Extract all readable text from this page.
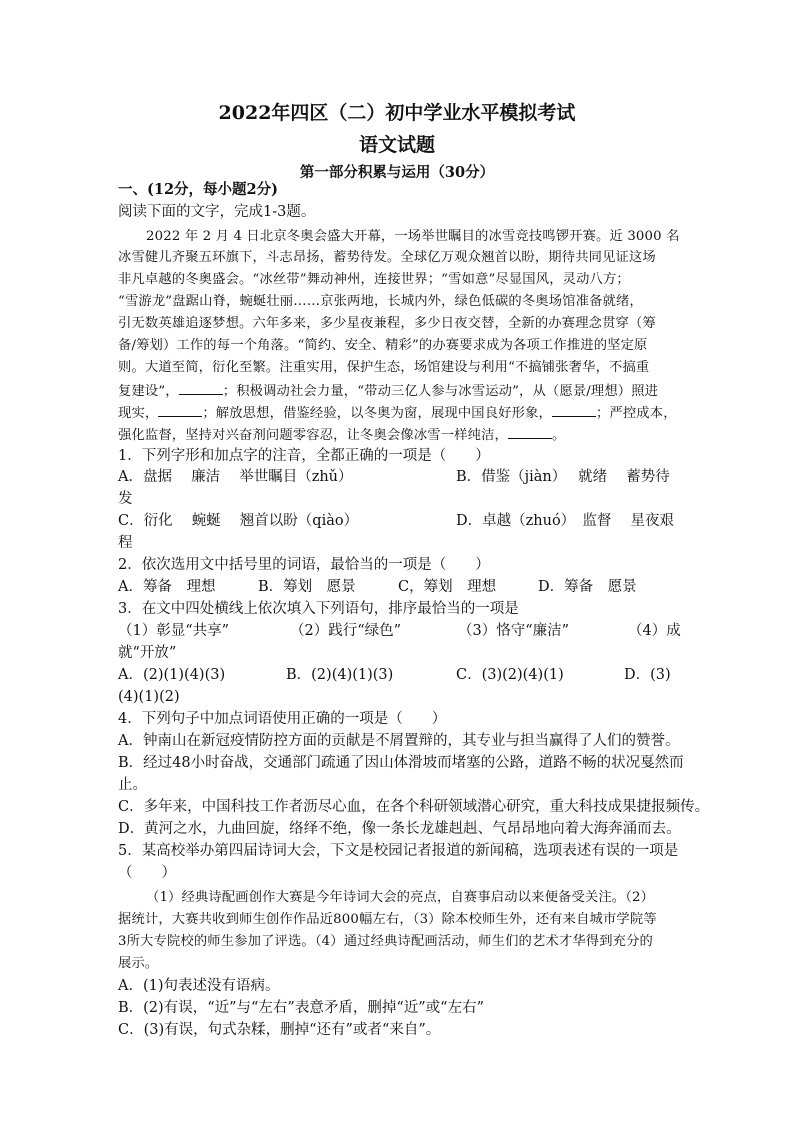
2022年四区（二）初中学业水平模拟考试
语文试题
第一部分积累与运用（30分）
一、(12分，每小题2分)
阅读下面的文字，完成1-3题。
2022 年 2 月 4 日北京冬奥会盛大开幕，一场举世瞩目的冰雪竞技鸣锣开赛。近 3000 名
冰雪健儿齐聚五环旗下，斗志昂扬，蓄势待发。全球亿万观众翘首以盼，期待共同见证这场
非凡卓越的冬奥盛会。“冰丝带”舞动神州，连接世界；“雪如意”尽显国风，灵动八方；
“雪游龙”盘踞山脊，蜿蜒壮丽……京张两地，长城内外，绿色低碳的冬奥场馆准备就绪，
引无数英雄追逐梦想。六年多来，多少星夜兼程，多少日夜交替，全新的办赛理念贯穿（筹
备/筹划）工作的每一个角落。“简约、安全、精彩”的办赛要求成为各项工作推进的坚定原
则。大道至简，衍化至繁。注重实用，保护生态，场馆建设与利用“不搞铺张奢华，不搞重
复建设”，	；积极调动社会力量，“带动三亿人参与冰雪运动”，从（愿景/理想）照进
现实，	；解放思想，借鉴经验，以冬奥为窗，展现中国良好形象，	；严控成本，
强化监督，坚持对兴奋剂问题零容忍，让冬奥会像冰雪一样纯洁，	。
1．下列字形和加点字的注音，全都正确的一项是（　　）
A．盘据　 廉洁　 举世瞩目（zhǔ）	B．借鉴（jiàn）　 就绪　 蓄势待
发
C．衍化　 蜿蜒　 翘首以盼（qiào）	D．卓越（zhuó）　监督　 星夜艰
程
2．依次选用文中括号里的词语，最恰当的一项是（　　）
A．筹备　理想	B．筹划　愿景	C，筹划　理想	D．筹备　愿景
3．在文中四处横线上依次填入下列语句，排序最恰当的一项是
（1）彰显“共享”	（2）践行“绿色”	（3）恪守“廉洁”	（4）成
就“开放”
A．(2)(1)(4)(3)	B．(2)(4)(1)(3)	C．(3)(2)(4)(1)	D．(3)
(4)(1)(2)
4．下列句子中加点词语使用正确的一项是（　　）
A．钟南山在新冠疫情防控方面的贡献是不屑置辩的，其专业与担当赢得了人们的赞誉。
B．经过48小时奋战，交通部门疏通了因山体滑坡而堵塞的公路，道路不畅的状况戛然而
止。
C．多年来，中国科技工作者沥尽心血，在各个科研领域潜心研究，重大科技成果捷报频传。
D．黄河之水，九曲回旋，络绎不绝，像一条长龙雄赳赳、气昂昂地向着大海奔涌而去。
5．某高校举办第四届诗词大会，下文是校园记者报道的新闻稿，选项表述有误的一项是
（　　）
（1）经典诗配画创作大赛是今年诗词大会的亮点，自赛事启动以来便备受关注。（2）
据统计，大赛共收到师生创作作品近800幅左右，（3）除本校师生外，还有来自城市学院等
3所大专院校的师生参加了评选。（4）通过经典诗配画活动，师生们的艺术才华得到充分的
展示。
A．(1)句表述没有语病。
B．(2)有误，“近”与“左右”表意矛盾，删掉“近”或“左右”
C．(3)有误，句式杂糅，删掉“还有”或者“来自”。
